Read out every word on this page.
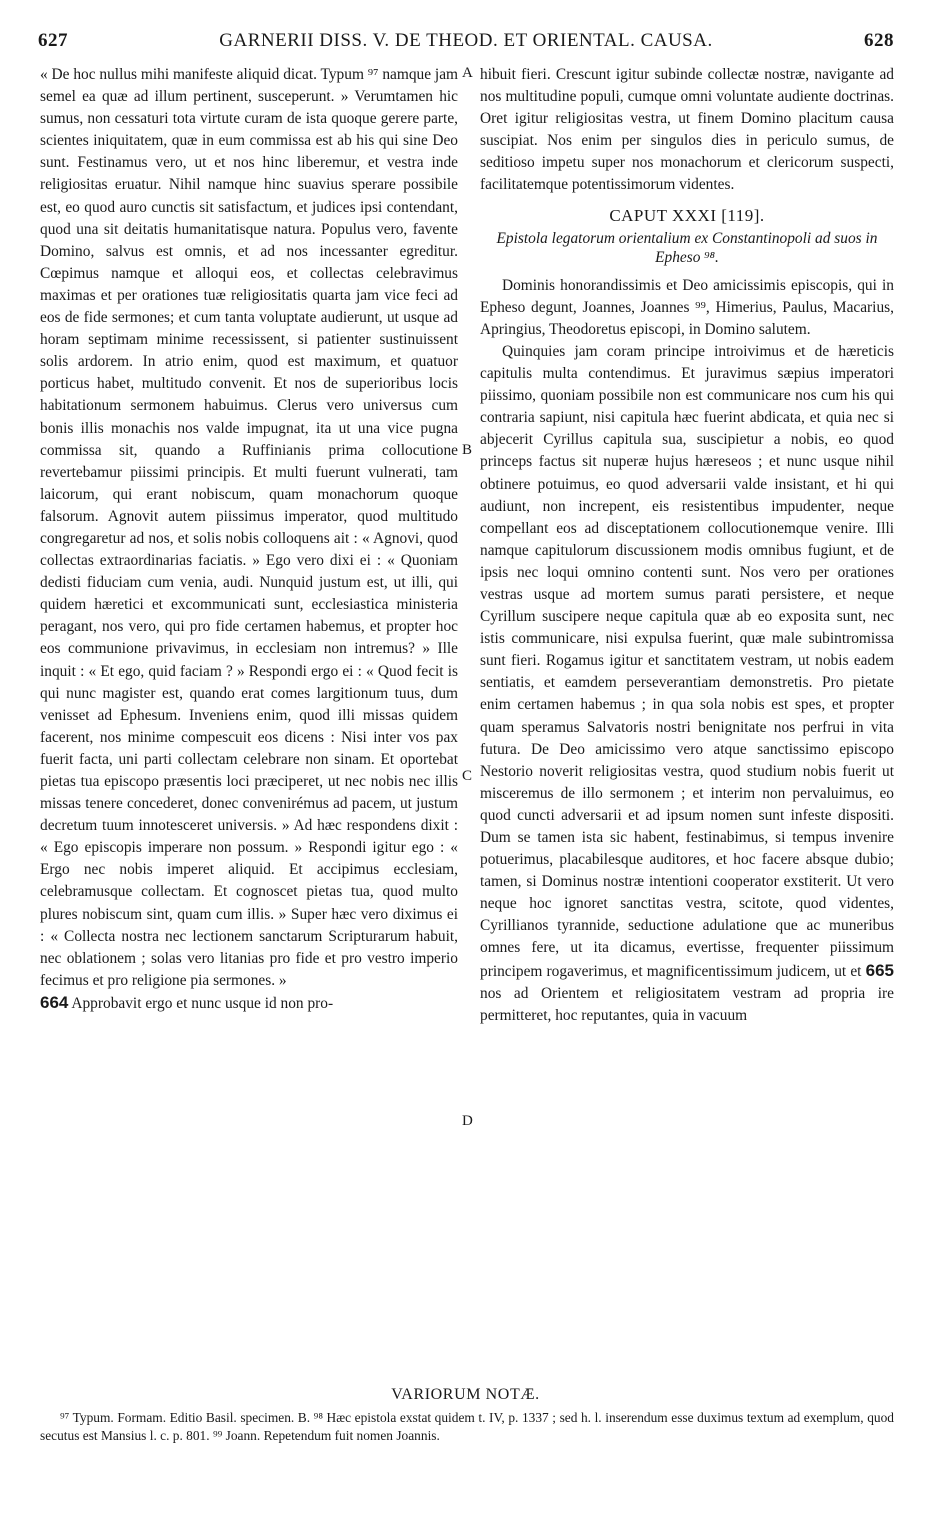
627	GARNERII DISS. V. DE THEOD. ET ORIENTAL. CAUSA.	628
A
B
C
D

« De hoc nullus mihi manifeste aliquid dicat. Typum ⁹⁷ namque jam semel ea quæ ad illum pertinent, susceperunt. » Verumtamen hic sumus, non cessaturi tota virtute curam de ista quoque gerere parte, scientes iniquitatem, quæ in eum commissa est ab his qui sine Deo sunt. Festinamus vero, ut et nos hinc liberemur, et vestra inde religiositas eruatur. Nihil namque hinc suavius sperare possibile est, eo quod auro cunctis sit satisfactum, et judices ipsi contendant, quod una sit deitatis humanitatisque natura. Populus vero, favente Domino, salvus est omnis, et ad nos incessanter egreditur. Cœpimus namque et alloqui eos, et collectas celebravimus maximas et per orationes tuæ religiositatis quarta jam vice feci ad eos de fide sermones; et cum tanta voluptate audierunt, ut usque ad horam septimam minime recessissent, si patienter sustinuissent solis ardorem. In atrio enim, quod est maximum, et quatuor porticus habet, multitudo convenit. Et nos de superioribus locis habitationum sermonem habuimus. Clerus vero universus cum bonis illis monachis nos valde impugnat, ita ut una vice pugna commissa sit, quando a Ruffinianis prima collocutione revertebamur piissimi principis. Et multi fuerunt vulnerati, tam laicorum, qui erant nobiscum, quam monachorum quoque falsorum. Agnovit autem piissimus imperator, quod multitudo congregaretur ad nos, et solis nobis colloquens ait : « Agnovi, quod collectas extraordinarias faciatis. » Ego vero dixi ei : « Quoniam dedisti fiduciam cum venia, audi. Nunquid justum est, ut illi, qui quidem hæretici et excommunicati sunt, ecclesiastica ministeria peragant, nos vero, qui pro fide certamen habemus, et propter hoc eos communione privavimus, in ecclesiam non intremus? » Ille inquit : « Et ego, quid faciam ? » Respondi ergo ei : « Quod fecit is qui nunc magister est, quando erat comes largitionum tuus, dum venisset ad Ephesum. Inveniens enim, quod illi missas quidem facerent, nos minime compescuit eos dicens : Nisi inter vos pax fuerit facta, uni parti collectam celebrare non sinam. Et oportebat pietas tua episcopo præsentis loci præciperet, ut nec nobis nec illis missas tenere concederet, donec convenirémus ad pacem, ut justum decretum tuum innotesceret universis. » Ad hæc respondens dixit : « Ego episcopis imperare non possum. » Respondi igitur ego : « Ergo nec nobis imperet aliquid. Et accipimus ecclesiam, celebramusque collectam. Et cognoscet pietas tua, quod multo plures nobiscum sint, quam cum illis. » Super hæc vero diximus ei : « Collecta nostra nec lectionem sanctarum Scripturarum habuit, nec oblationem ; solas vero litanias pro fide et pro vestro imperio fecimus et pro religione pia sermones. »

664 Approbavit ergo et nunc usque id non pro-

hibuit fieri. Crescunt igitur subinde collectæ nostræ, navigante ad nos multitudine populi, cumque omni voluntate audiente doctrinas. Oret igitur religiositas vestra, ut finem Domino placitum causa suscipiat. Nos enim per singulos dies in periculo sumus, de seditioso impetu super nos monachorum et clericorum suspecti, facilitatemque potentissimorum videntes.

CAPUT XXXI [119].
Epistola legatorum orientalium ex Constantinopoli ad suos in Epheso ⁹⁸.

Dominis honorandissimis et Deo amicissimis episcopis, qui in Epheso degunt, Joannes, Joannes ⁹⁹, Himerius, Paulus, Macarius, Apringius, Theodoretus episcopi, in Domino salutem.

Quinquies jam coram principe introivimus et de hæreticis capitulis multa contendimus. Et juravimus sæpius imperatori piissimo, quoniam possibile non est communicare nos cum his qui contraria sapiunt, nisi capitula hæc fuerint abdicata, et quia nec si abjecerit Cyrillus capitula sua, suscipietur a nobis, eo quod princeps factus sit nuperæ hujus hæreseos ; et nunc usque nihil obtinere potuimus, eo quod adversarii valde insistant, et hi qui audiunt, non increpent, eis resistentibus impudenter, neque compellant eos ad disceptationem collocutionemque venire. Illi namque capitulorum discussionem modis omnibus fugiunt, et de ipsis nec loqui omnino contenti sunt. Nos vero per orationes vestras usque ad mortem sumus parati persistere, et neque Cyrillum suscipere neque capitula quæ ab eo exposita sunt, nec istis communicare, nisi expulsa fuerint, quæ male subintromissa sunt fieri. Rogamus igitur et sanctitatem vestram, ut nobis eadem sentiatis, et eamdem perseverantiam demonstretis. Pro pietate enim certamen habemus ; in qua sola nobis est spes, et propter quam speramus Salvatoris nostri benignitate nos perfrui in vita futura. De Deo amicissimo vero atque sanctissimo episcopo Nestorio noverit religiositas vestra, quod studium nobis fuerit ut misceremus de illo sermonem ; et interim non pervaluimus, eo quod cuncti adversarii et ad ipsum nomen sunt infeste dispositi. Dum se tamen ista sic habent, festinabimus, si tempus invenire potuerimus, placabilesque auditores, et hoc facere absque dubio; tamen, si Dominus nostræ intentioni cooperator exstiterit. Ut vero neque hoc ignoret sanctitas vestra, scitote, quod videntes, Cyrillianos tyrannide, seductione adulatione que ac muneribus omnes fere, ut ita dicamus, evertisse, frequenter piissimum principem rogaverimus, et magnificentissimum judicem, ut et 665 nos ad Orientem et religiositatem vestram ad propria ire permitteret, hoc reputantes, quia in vacuum

VARIORUM NOTÆ.

⁹⁷ Typum. Formam. Editio Basil. specimen. B. ⁹⁸ Hæc epistola exstat quidem t. IV, p. 1337 ; sed h. l. inserendum esse duximus textum ad exemplum, quod secutus est Mansius l. c. p. 801. ⁹⁹ Joann. Repetendum fuit nomen Joannis.
